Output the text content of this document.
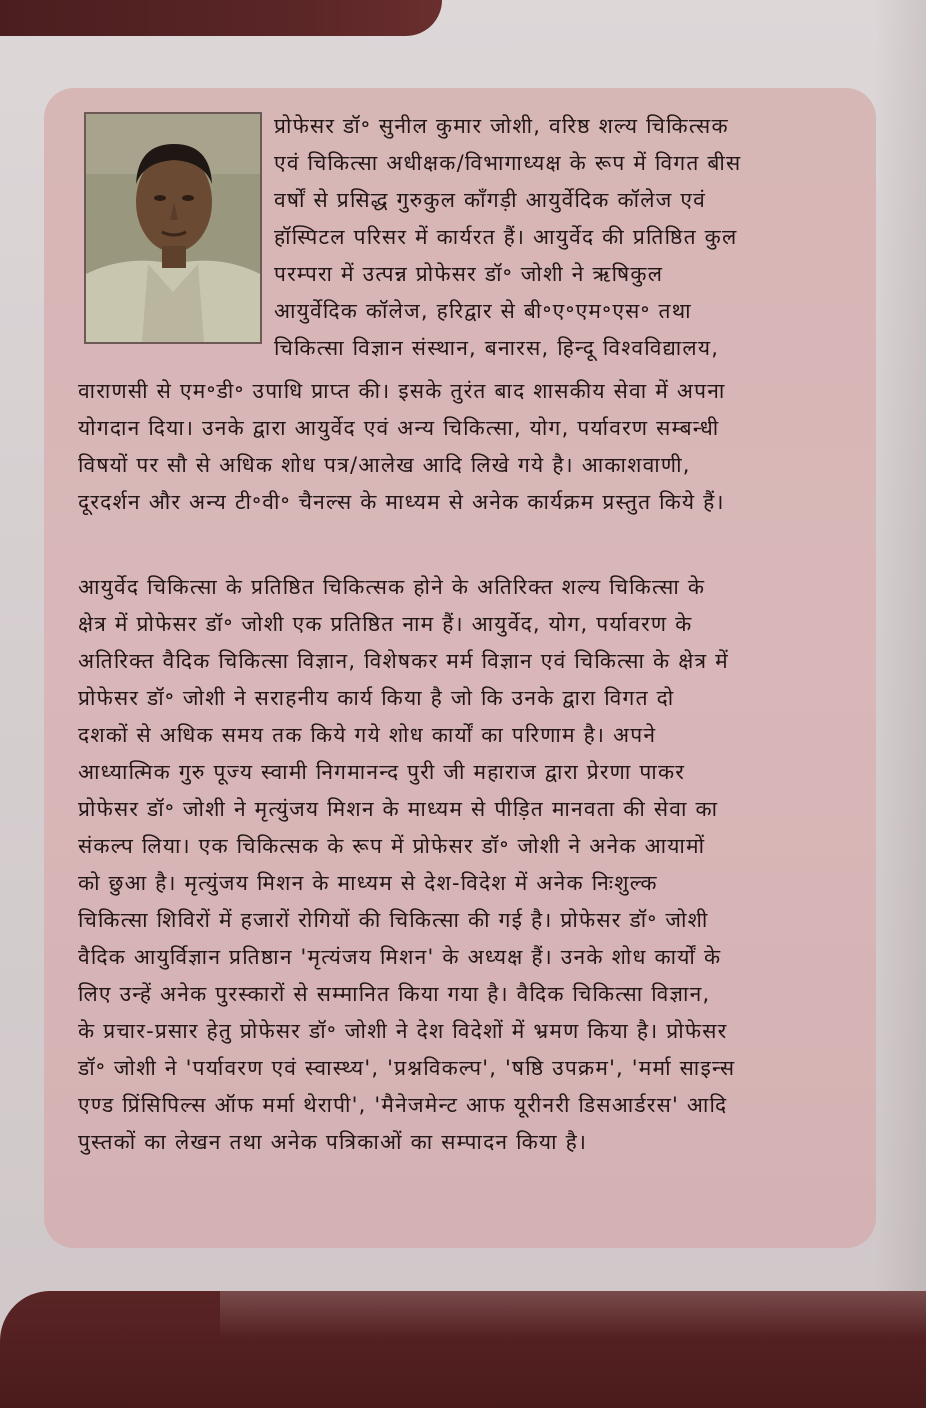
प्रोफेसर डॉ॰ सुनील कुमार जोशी, वरिष्ठ शल्य चिकित्सक
एवं चिकित्सा अधीक्षक/विभागाध्यक्ष के रूप में विगत बीस
वर्षों से प्रसिद्ध गुरुकुल काँगड़ी आयुर्वेदिक कॉलेज एवं
हॉस्पिटल परिसर में कार्यरत हैं। आयुर्वेद की प्रतिष्ठित कुल
परम्परा में उत्पन्न प्रोफेसर डॉ॰ जोशी ने ऋषिकुल
आयुर्वेदिक कॉलेज, हरिद्वार से बी॰ए॰एम॰एस॰ तथा
चिकित्सा विज्ञान संस्थान, बनारस, हिन्दू विश्वविद्यालय,
वाराणसी से एम॰डी॰ उपाधि प्राप्त की। इसके तुरंत बाद शासकीय सेवा में अपना
योगदान दिया। उनके द्वारा आयुर्वेद एवं अन्य चिकित्सा, योग, पर्यावरण सम्बन्धी
विषयों पर सौ से अधिक शोध पत्र/आलेख आदि लिखे गये है। आकाशवाणी,
दूरदर्शन और अन्य टी॰वी॰ चैनल्स के माध्यम से अनेक कार्यक्रम प्रस्तुत किये हैं।
आयुर्वेद चिकित्सा के प्रतिष्ठित चिकित्सक होने के अतिरिक्त शल्य चिकित्सा के
क्षेत्र में प्रोफेसर डॉ॰ जोशी एक प्रतिष्ठित नाम हैं। आयुर्वेद, योग, पर्यावरण के
अतिरिक्त वैदिक चिकित्सा विज्ञान, विशेषकर मर्म विज्ञान एवं चिकित्सा के क्षेत्र में
प्रोफेसर डॉ॰ जोशी ने सराहनीय कार्य किया है जो कि उनके द्वारा विगत दो
दशकों से अधिक समय तक किये गये शोध कार्यों का परिणाम है। अपने
आध्यात्मिक गुरु पूज्य स्वामी निगमानन्द पुरी जी महाराज द्वारा प्रेरणा पाकर
प्रोफेसर डॉ॰ जोशी ने मृत्युंजय मिशन के माध्यम से पीड़ित मानवता की सेवा का
संकल्प लिया। एक चिकित्सक के रूप में प्रोफेसर डॉ॰ जोशी ने अनेक आयामों
को छुआ है। मृत्युंजय मिशन के माध्यम से देश-विदेश में अनेक निःशुल्क
चिकित्सा शिविरों में हजारों रोगियों की चिकित्सा की गई है। प्रोफेसर डॉ॰ जोशी
वैदिक आयुर्विज्ञान प्रतिष्ठान 'मृत्यंजय मिशन' के अध्यक्ष हैं। उनके शोध कार्यों के
लिए उन्हें अनेक पुरस्कारों से सम्मानित किया गया है। वैदिक चिकित्सा विज्ञान,
के प्रचार-प्रसार हेतु प्रोफेसर डॉ॰ जोशी ने देश विदेशों में भ्रमण किया है। प्रोफेसर
डॉ॰ जोशी ने 'पर्यावरण एवं स्वास्थ्य', 'प्रश्नविकल्प', 'षष्ठि उपक्रम', 'मर्मा साइन्स
एण्ड प्रिंसिपिल्स ऑफ मर्मा थेरापी', 'मैनेजमेन्ट आफ यूरीनरी डिसआर्डरस' आदि
पुस्तकों का लेखन तथा अनेक पत्रिकाओं का सम्पादन किया है।
